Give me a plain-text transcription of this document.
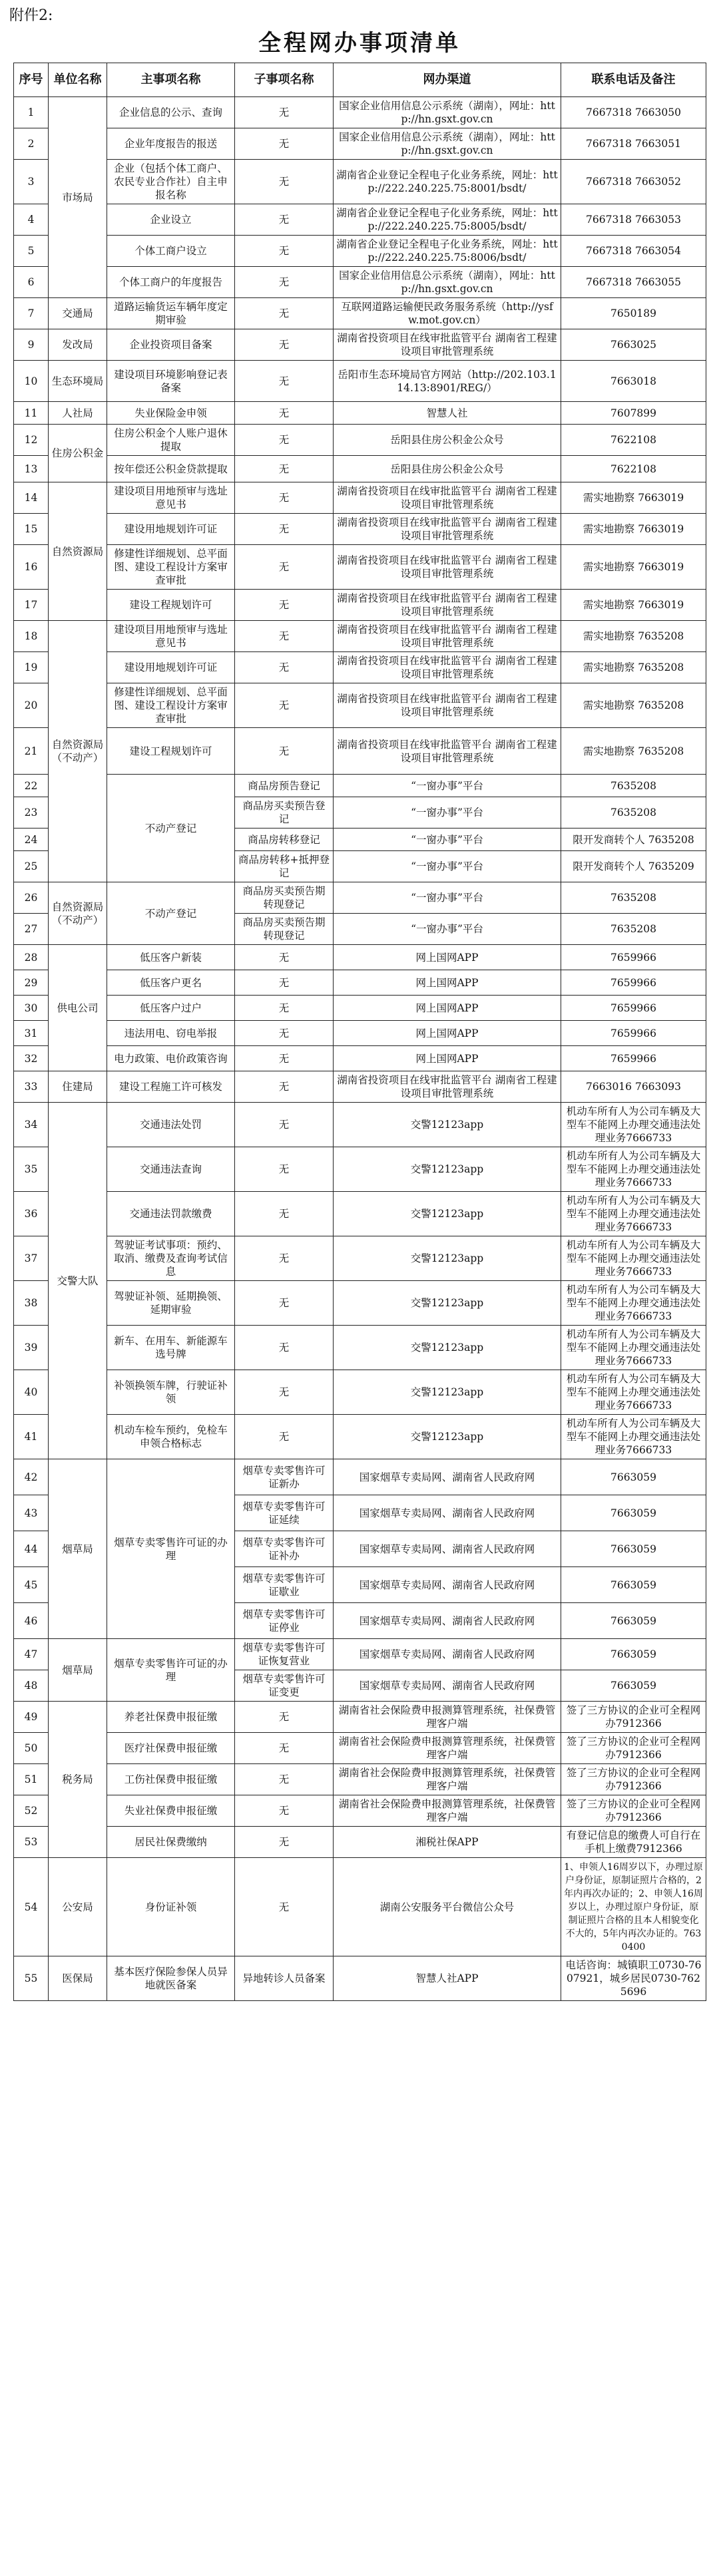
附件2:
全程网办事项清单
序号	单位名称	主事项名称	子事项名称	网办渠道	联系电话及备注
1	市场局	企业信息的公示、查询	无	国家企业信用信息公示系统（湖南），网址：http://hn.gsxt.gov.cn	7667318 7663050
2		企业年度报告的报送	无	国家企业信用信息公示系统（湖南），网址：http://hn.gsxt.gov.cn	7667318 7663051
3		企业（包括个体工商户、农民专业合作社）自主申报名称	无	湖南省企业登记全程电子化业务系统，网址：http://222.240.225.75:8001/bsdt/	7667318 7663052
4		企业设立	无	湖南省企业登记全程电子化业务系统，网址：http://222.240.225.75:8005/bsdt/	7667318 7663053
5		个体工商户设立	无	湖南省企业登记全程电子化业务系统，网址：http://222.240.225.75:8006/bsdt/	7667318 7663054
6		个体工商户的年度报告	无	国家企业信用信息公示系统（湖南），网址：http://hn.gsxt.gov.cn	7667318 7663055
7	交通局	道路运输货运车辆年度定期审验	无	互联网道路运输便民政务服务系统（http://ysfw.mot.gov.cn）	7650189
9	发改局	企业投资项目备案	无	湖南省投资项目在线审批监管平台 湖南省工程建设项目审批管理系统	7663025
10	生态环境局	建设项目环境影响登记表备案	无	岳阳市生态环境局官方网站（http://202.103.114.13:8901/REG/）	7663018
11	人社局	失业保险金申领	无	智慧人社	7607899
12	住房公积金	住房公积金个人账户退休提取	无	岳阳县住房公积金公众号	7622108
13		按年偿还公积金贷款提取	无	岳阳县住房公积金公众号	7622108
14	自然资源局	建设项目用地预审与选址意见书	无	湖南省投资项目在线审批监管平台 湖南省工程建设项目审批管理系统	需实地勘察 7663019
15		建设用地规划许可证	无	湖南省投资项目在线审批监管平台 湖南省工程建设项目审批管理系统	需实地勘察 7663019
16		修建性详细规划、总平面图、建设工程设计方案审查审批	无	湖南省投资项目在线审批监管平台 湖南省工程建设项目审批管理系统	需实地勘察 7663019
17		建设工程规划许可	无	湖南省投资项目在线审批监管平台 湖南省工程建设项目审批管理系统	需实地勘察 7663019
18	自然资源局（不动产）	建设项目用地预审与选址意见书	无	湖南省投资项目在线审批监管平台 湖南省工程建设项目审批管理系统	需实地勘察 7635208
19		建设用地规划许可证	无	湖南省投资项目在线审批监管平台 湖南省工程建设项目审批管理系统	需实地勘察 7635208
20		修建性详细规划、总平面图、建设工程设计方案审查审批	无	湖南省投资项目在线审批监管平台 湖南省工程建设项目审批管理系统	需实地勘察 7635208
21		建设工程规划许可	无	湖南省投资项目在线审批监管平台 湖南省工程建设项目审批管理系统	需实地勘察 7635208
22		不动产登记	商品房预告登记	“一窗办事”平台	7635208
23			商品房买卖预告登记	“一窗办事”平台	7635208
24			商品房转移登记	“一窗办事”平台	限开发商转个人 7635208
25			商品房转移+抵押登记	“一窗办事”平台	限开发商转个人 7635209
26	自然资源局（不动产）	不动产登记	商品房买卖预告期转现登记	“一窗办事”平台	7635208
27			商品房买卖预告期转现登记	“一窗办事”平台	7635208
28	供电公司	低压客户新装	无	网上国网APP	7659966
29		低压客户更名	无	网上国网APP	7659966
30		低压客户过户	无	网上国网APP	7659966
31		违法用电、窃电举报	无	网上国网APP	7659966
32		电力政策、电价政策咨询	无	网上国网APP	7659966
33	住建局	建设工程施工许可核发	无	湖南省投资项目在线审批监管平台 湖南省工程建设项目审批管理系统	7663016 7663093
34	交警大队	交通违法处罚	无	交警12123app	机动车所有人为公司车辆及大型车不能网上办理交通违法处理业务7666733
35		交通违法查询	无	交警12123app	机动车所有人为公司车辆及大型车不能网上办理交通违法处理业务7666733
36		交通违法罚款缴费	无	交警12123app	机动车所有人为公司车辆及大型车不能网上办理交通违法处理业务7666733
37		驾驶证考试事项：预约、取消、缴费及查询考试信息	无	交警12123app	机动车所有人为公司车辆及大型车不能网上办理交通违法处理业务7666733
38		驾驶证补领、延期换领、延期审验	无	交警12123app	机动车所有人为公司车辆及大型车不能网上办理交通违法处理业务7666733
39		新车、在用车、新能源车选号牌	无	交警12123app	机动车所有人为公司车辆及大型车不能网上办理交通违法处理业务7666733
40		补领换领车牌，行驶证补领	无	交警12123app	机动车所有人为公司车辆及大型车不能网上办理交通违法处理业务7666733
41		机动车检车预约，免检车申领合格标志	无	交警12123app	机动车所有人为公司车辆及大型车不能网上办理交通违法处理业务7666733
42	烟草局	烟草专卖零售许可证的办理	烟草专卖零售许可证新办	国家烟草专卖局网、湖南省人民政府网	7663059
43			烟草专卖零售许可证延续	国家烟草专卖局网、湖南省人民政府网	7663059
44			烟草专卖零售许可证补办	国家烟草专卖局网、湖南省人民政府网	7663059
45			烟草专卖零售许可证歇业	国家烟草专卖局网、湖南省人民政府网	7663059
46			烟草专卖零售许可证停业	国家烟草专卖局网、湖南省人民政府网	7663059
47	烟草局	烟草专卖零售许可证的办理	烟草专卖零售许可证恢复营业	国家烟草专卖局网、湖南省人民政府网	7663059
48			烟草专卖零售许可证变更	国家烟草专卖局网、湖南省人民政府网	7663059
49	税务局	养老社保费申报征缴	无	湖南省社会保险费申报测算管理系统，社保费管理客户端	签了三方协议的企业可全程网办7912366
50		医疗社保费申报征缴	无	湖南省社会保险费申报测算管理系统，社保费管理客户端	签了三方协议的企业可全程网办7912366
51		工伤社保费申报征缴	无	湖南省社会保险费申报测算管理系统，社保费管理客户端	签了三方协议的企业可全程网办7912366
52		失业社保费申报征缴	无	湖南省社会保险费申报测算管理系统，社保费管理客户端	签了三方协议的企业可全程网办7912366
53		居民社保费缴纳	无	湘税社保APP	有登记信息的缴费人可自行在手机上缴费7912366
54	公安局	身份证补领	无	湖南公安服务平台微信公众号	1、申领人16周岁以下，办理过原户身份证，原制证照片合格的，2年内再次办证的；2、申领人16周岁以上，办理过原户身份证，原制证照片合格的且本人相貌变化不大的，5年内再次办证的。7630400
55	医保局	基本医疗保险参保人员异地就医备案	异地转诊人员备案	智慧人社APP	电话咨询：城镇职工0730-7607921，城乡居民0730-7625696
